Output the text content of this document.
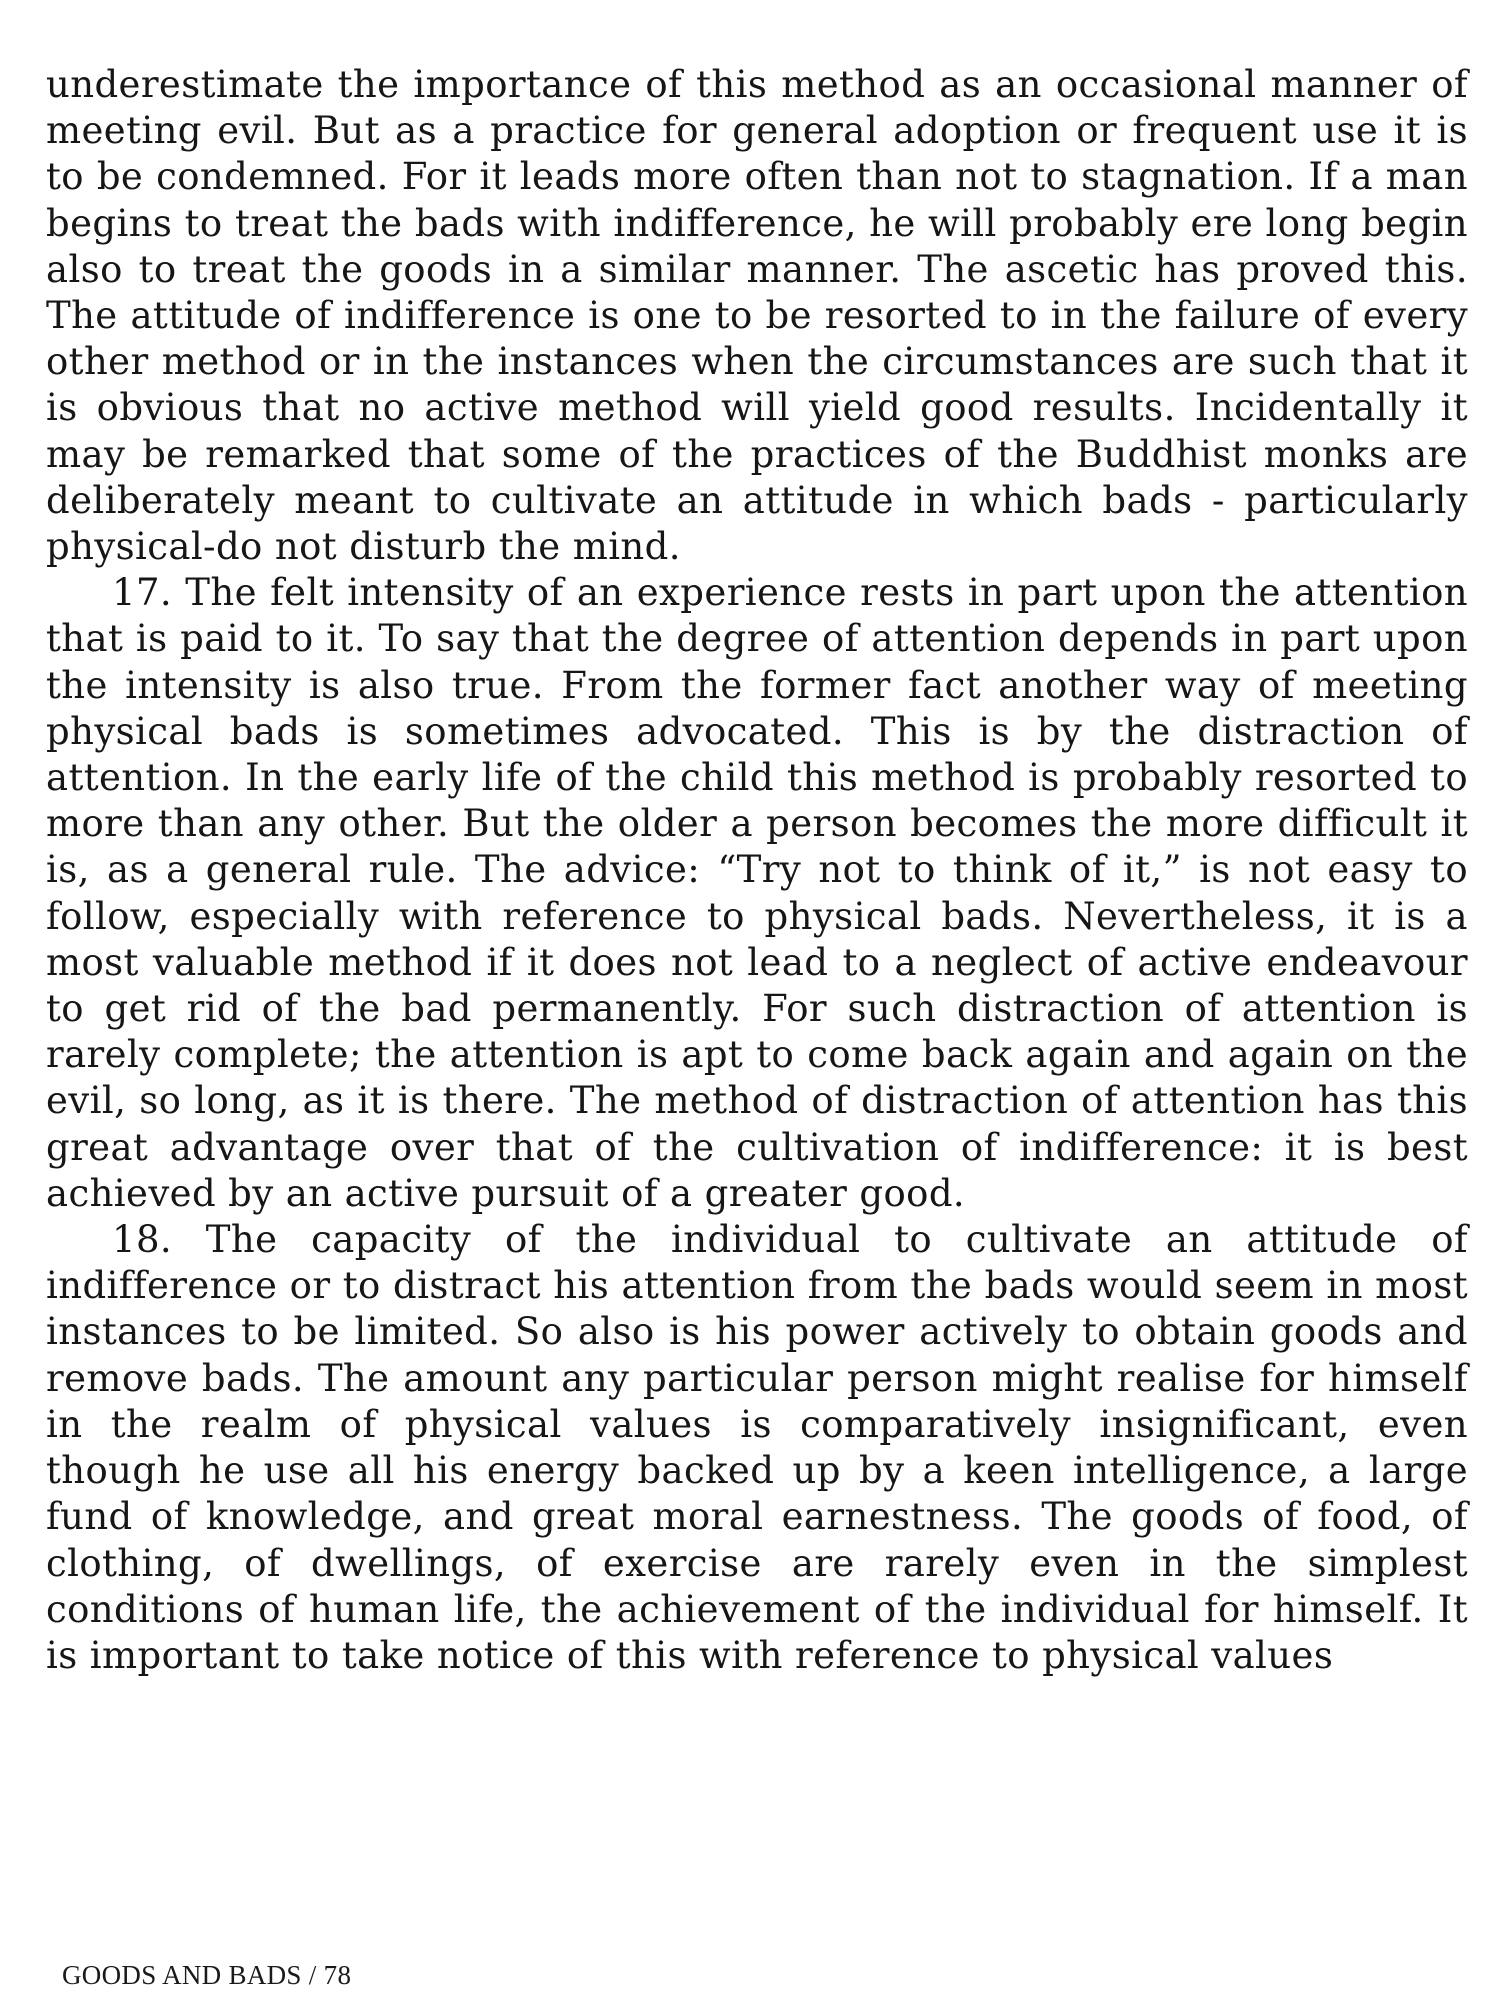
underestimate the importance of this method as an occasional manner of meeting evil. But as a practice for general adoption or frequent use it is to be condemned. For it leads more often than not to stagnation. If a man begins to treat the bads with indifference, he will probably ere long begin also to treat the goods in a similar manner. The ascetic has proved this. The attitude of indifference is one to be resorted to in the failure of every other method or in the instances when the circumstances are such that it is obvious that no active method will yield good results. Incidentally it may be remarked that some of the practices of the Buddhist monks are deliberately meant to cultivate an attitude in which bads - particularly physical-do not disturb the mind.

17. The felt intensity of an experience rests in part upon the attention that is paid to it. To say that the degree of attention depends in part upon the intensity is also true. From the former fact another way of meeting physical bads is sometimes advocated. This is by the distraction of attention. In the early life of the child this method is probably resorted to more than any other. But the older a person becomes the more difficult it is, as a general rule. The advice: “Try not to think of it,” is not easy to follow, especially with reference to physical bads. Nevertheless, it is a most valuable method if it does not lead to a neglect of active endeavour to get rid of the bad permanently. For such distraction of attention is rarely complete; the attention is apt to come back again and again on the evil, so long, as it is there. The method of distraction of attention has this great advantage over that of the cultivation of indifference: it is best achieved by an active pursuit of a greater good.

18. The capacity of the individual to cultivate an attitude of indifference or to distract his attention from the bads would seem in most instances to be limited. So also is his power actively to obtain goods and remove bads. The amount any particular person might realise for himself in the realm of physical values is comparatively insignificant, even though he use all his energy backed up by a keen intelligence, a large fund of knowledge, and great moral earnestness. The goods of food, of clothing, of dwellings, of exercise are rarely even in the simplest conditions of human life, the achievement of the individual for himself. It is important to take notice of this with reference to physical values

GOODS AND BADS / 78
